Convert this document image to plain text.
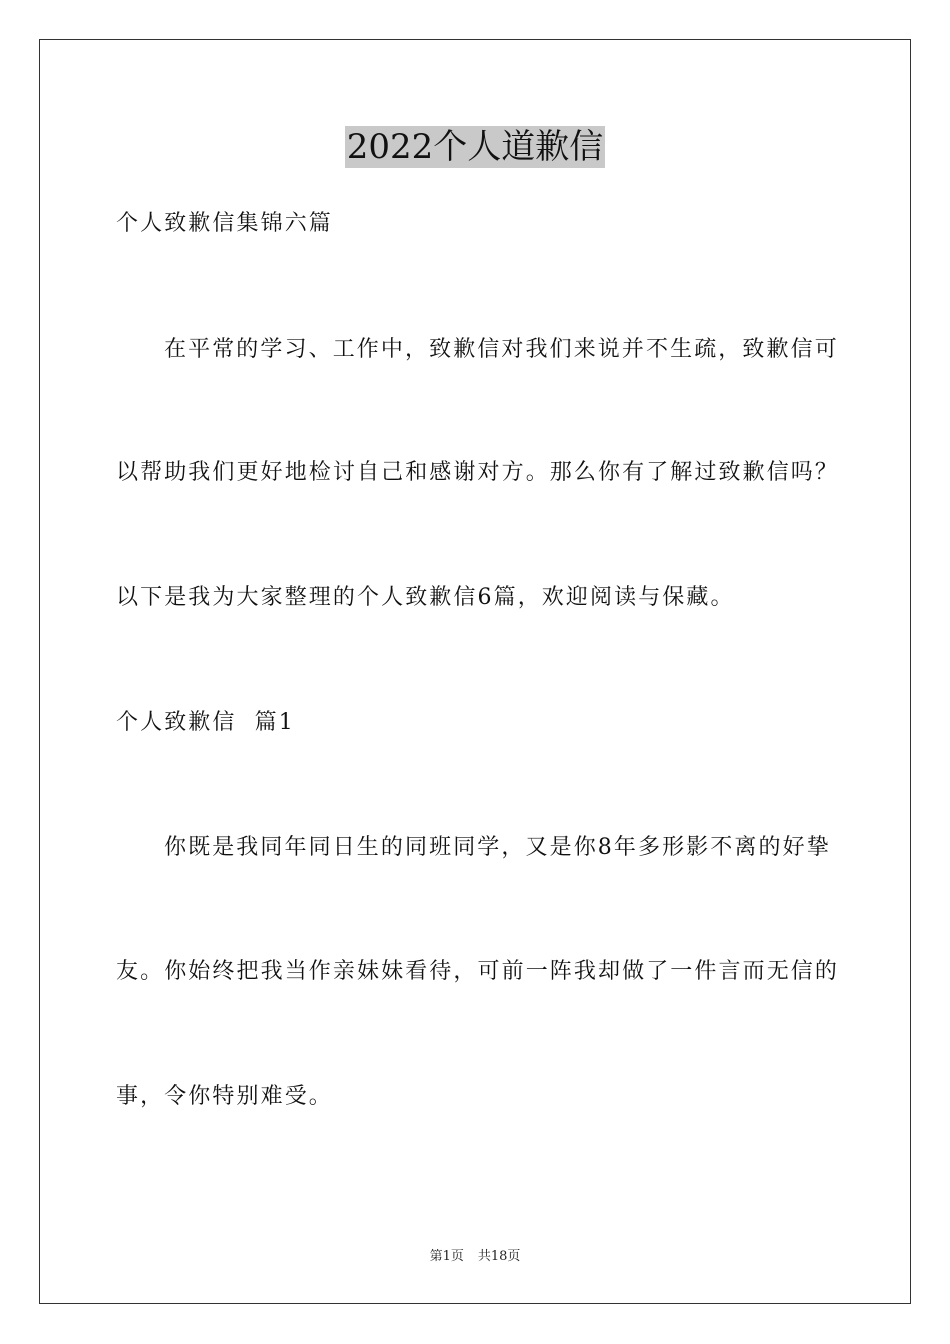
2022个人道歉信
个人致歉信集锦六篇
在平常的学习、工作中，致歉信对我们来说并不生疏，致歉信可
以帮助我们更好地检讨自己和感谢对方。那么你有了解过致歉信吗？
以下是我为大家整理的个人致歉信6篇，欢迎阅读与保藏。
个人致歉信  篇1
你既是我同年同日生的同班同学，又是你8年多形影不离的好挚
友。你始终把我当作亲妹妹看待，可前一阵我却做了一件言而无信的
事，令你特别难受。
第1页 共18页
